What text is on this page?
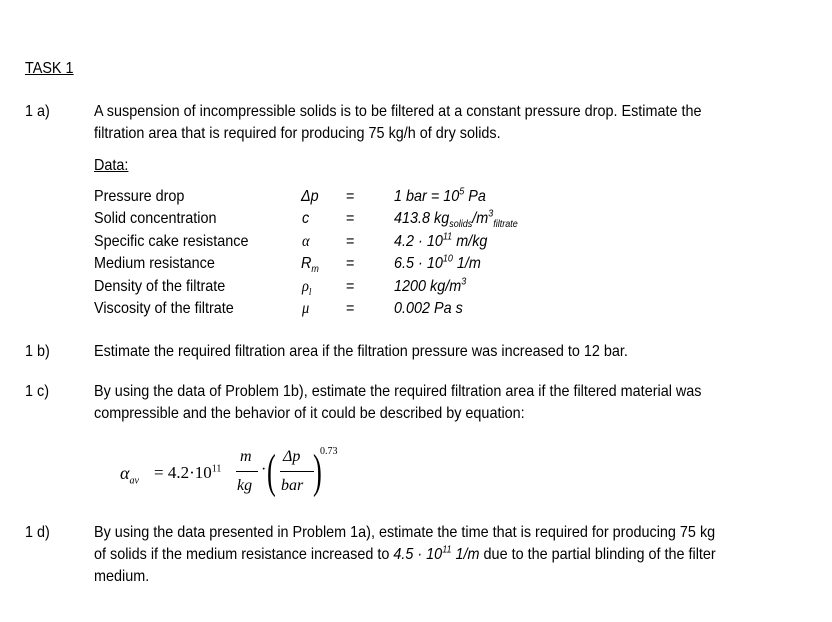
TASK 1
1 a)	A suspension of incompressible solids is to be filtered at a constant pressure drop. Estimate the
filtration area that is required for producing 75 kg/h of dry solids.
Data:
Pressure drop	Δp = 1 bar = $10^5$ Pa
Solid concentration	c = 413.8 $kg_{solids}/m^3_{filtrate}$
Specific cake resistance	$\alpha = 4.2 \cdot 10^{11}$ m/kg
Medium resistance	$R_m = 6.5 \cdot 10^{10}$ 1/m
Density of the filtrate	$\rho_l = 1200$ $kg/m^3$
Viscosity of the filtrate	μ = 0.002 Pa s
1 b)	Estimate the required filtration area if the filtration pressure was increased to 12 bar.
1 c)	By using the data of Problem 1b), estimate the required filtration area if the filtered material was
compressible and the behavior of it could be described by equation:
$\alpha_{av} = 4.2\cdot 10^{11}$
m
kg
· ( Δp
bar )
0.73
1 d)	By using the data presented in Problem 1a), estimate the time that is required for producing 75 kg
of solids if the medium resistance increased to $4.5 \cdot 10^{11}$ 1/m due to the partial blinding of the filter
medium.
